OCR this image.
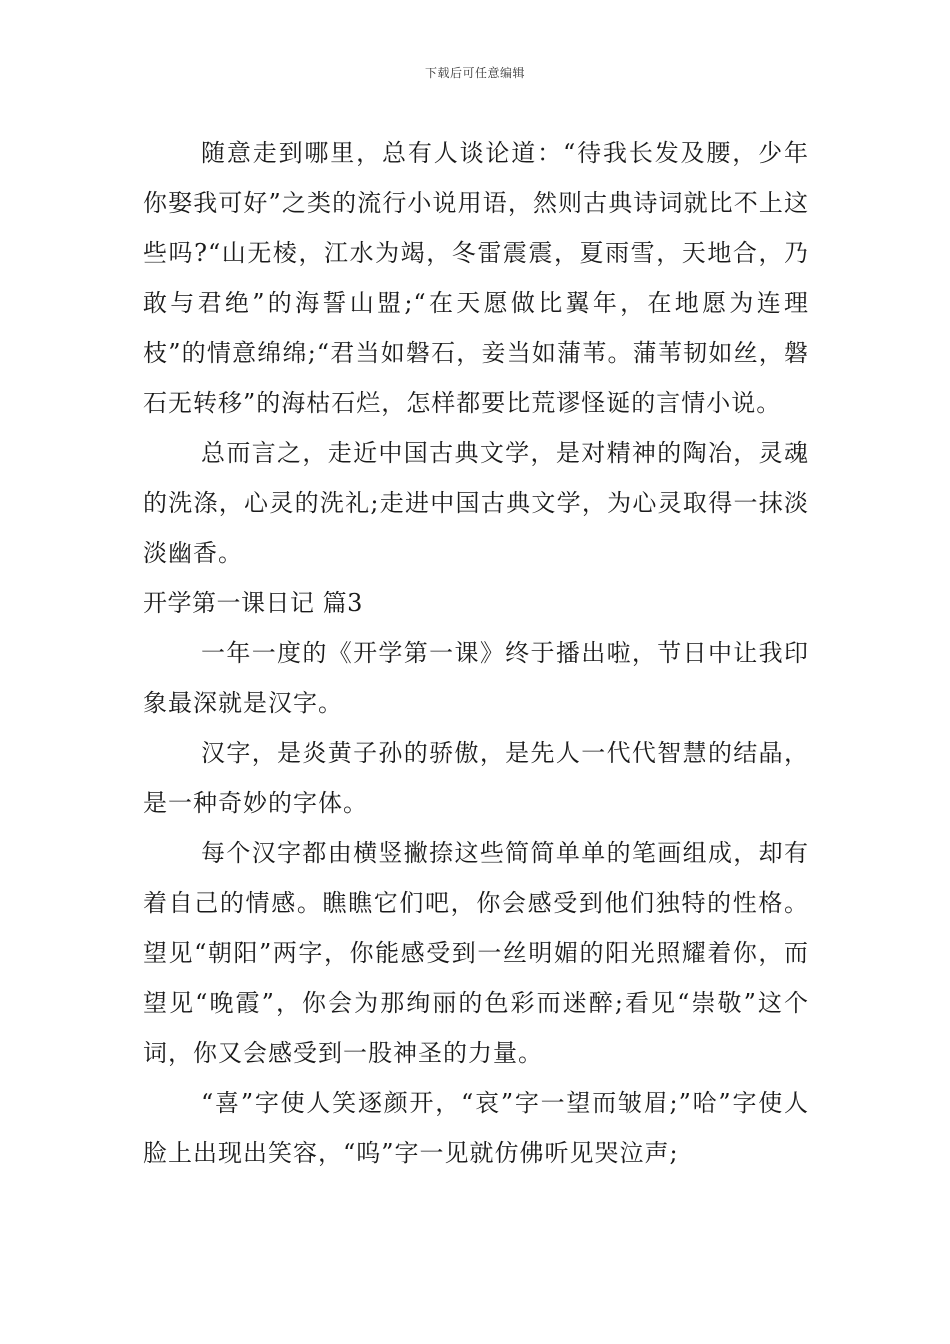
下载后可任意编辑

随意走到哪里，总有人谈论道：“待我长发及腰，少年你娶我可好”之类的流行小说用语，然则古典诗词就比不上这些吗?“山无棱，江水为竭，冬雷震震，夏雨雪，天地合，乃敢与君绝”的海誓山盟;“在天愿做比翼年，在地愿为连理枝”的情意绵绵;“君当如磐石，妾当如蒲苇。蒲苇韧如丝，磐石无转移”的海枯石烂，怎样都要比荒谬怪诞的言情小说。

总而言之，走近中国古典文学，是对精神的陶冶，灵魂的洗涤，心灵的洗礼;走进中国古典文学，为心灵取得一抹淡淡幽香。

开学第一课日记 篇3

一年一度的《开学第一课》终于播出啦，节日中让我印象最深就是汉字。

汉字，是炎黄子孙的骄傲，是先人一代代智慧的结晶，是一种奇妙的字体。

每个汉字都由横竖撇捺这些简简单单的笔画组成，却有着自己的情感。瞧瞧它们吧，你会感受到他们独特的性格。望见“朝阳”两字，你能感受到一丝明媚的阳光照耀着你，而望见“晚霞”，你会为那绚丽的色彩而迷醉;看见“崇敬”这个词，你又会感受到一股神圣的力量。

“喜”字使人笑逐颜开，“哀”字一望而皱眉;”哈”字使人脸上出现出笑容，“呜”字一见就仿佛听见哭泣声;
